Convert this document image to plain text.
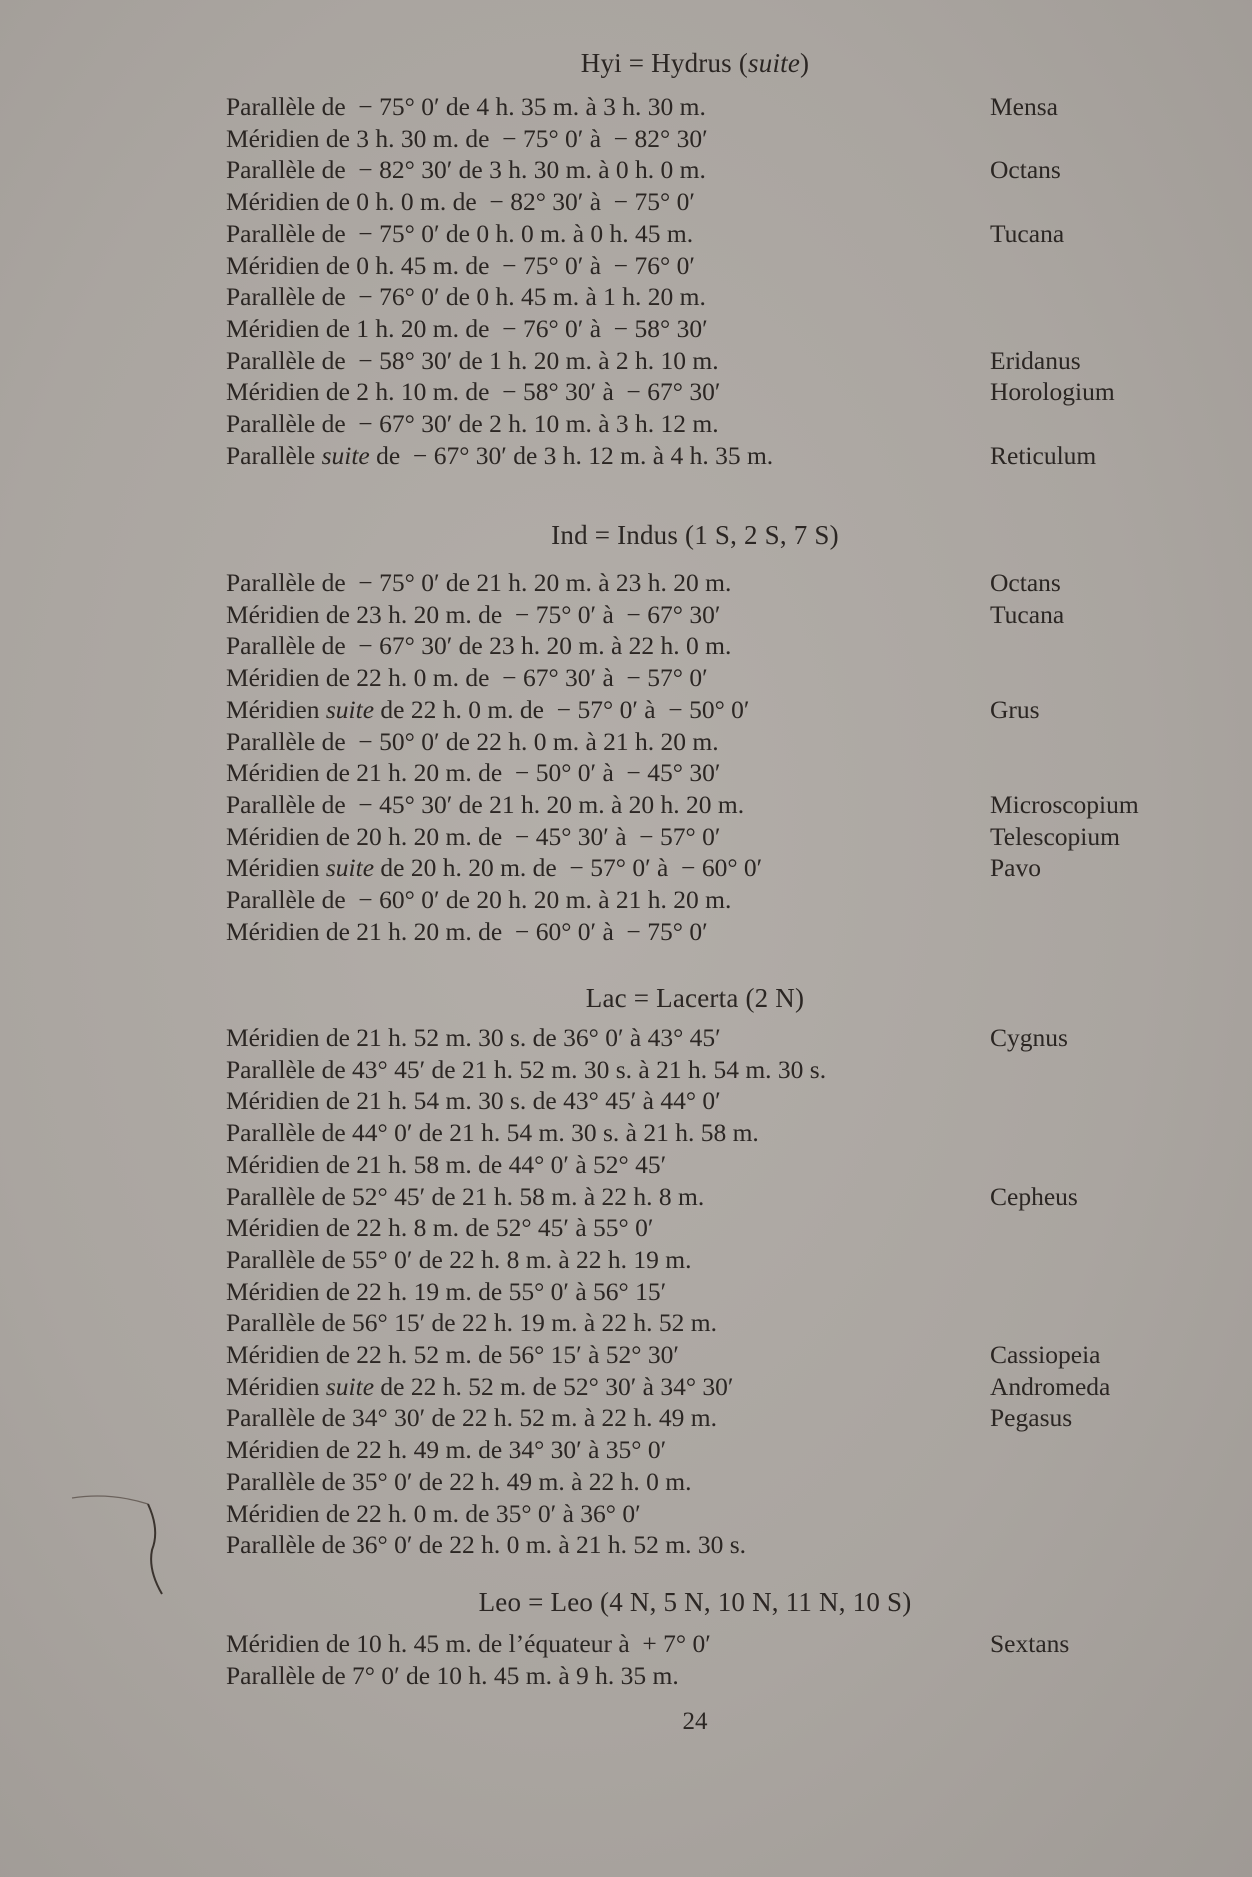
Hyi = Hydrus (suite)
Parallèle de  − 75° 0′ de 4 h. 35 m. à 3 h. 30 m.	Mensa
Méridien de 3 h. 30 m. de  − 75° 0′ à  − 82° 30′
Parallèle de  − 82° 30′ de 3 h. 30 m. à 0 h. 0 m.	Octans
Méridien de 0 h. 0 m. de  − 82° 30′ à  − 75° 0′
Parallèle de  − 75° 0′ de 0 h. 0 m. à 0 h. 45 m.	Tucana
Méridien de 0 h. 45 m. de  − 75° 0′ à  − 76° 0′
Parallèle de  − 76° 0′ de 0 h. 45 m. à 1 h. 20 m.
Méridien de 1 h. 20 m. de  − 76° 0′ à  − 58° 30′
Parallèle de  − 58° 30′ de 1 h. 20 m. à 2 h. 10 m.	Eridanus
Méridien de 2 h. 10 m. de  − 58° 30′ à  − 67° 30′	Horologium
Parallèle de  − 67° 30′ de 2 h. 10 m. à 3 h. 12 m.
Parallèle suite de  − 67° 30′ de 3 h. 12 m. à 4 h. 35 m.	Reticulum
Ind = Indus (1 S, 2 S, 7 S)
Parallèle de  − 75° 0′ de 21 h. 20 m. à 23 h. 20 m.	Octans
Méridien de 23 h. 20 m. de  − 75° 0′ à  − 67° 30′	Tucana
Parallèle de  − 67° 30′ de 23 h. 20 m. à 22 h. 0 m.
Méridien de 22 h. 0 m. de  − 67° 30′ à  − 57° 0′
Méridien suite de 22 h. 0 m. de  − 57° 0′ à  − 50° 0′	Grus
Parallèle de  − 50° 0′ de 22 h. 0 m. à 21 h. 20 m.
Méridien de 21 h. 20 m. de  − 50° 0′ à  − 45° 30′
Parallèle de  − 45° 30′ de 21 h. 20 m. à 20 h. 20 m.	Microscopium
Méridien de 20 h. 20 m. de  − 45° 30′ à  − 57° 0′	Telescopium
Méridien suite de 20 h. 20 m. de  − 57° 0′ à  − 60° 0′	Pavo
Parallèle de  − 60° 0′ de 20 h. 20 m. à 21 h. 20 m.
Méridien de 21 h. 20 m. de  − 60° 0′ à  − 75° 0′
Lac = Lacerta (2 N)
Méridien de 21 h. 52 m. 30 s. de 36° 0′ à 43° 45′	Cygnus
Parallèle de 43° 45′ de 21 h. 52 m. 30 s. à 21 h. 54 m. 30 s.
Méridien de 21 h. 54 m. 30 s. de 43° 45′ à 44° 0′
Parallèle de 44° 0′ de 21 h. 54 m. 30 s. à 21 h. 58 m.
Méridien de 21 h. 58 m. de 44° 0′ à 52° 45′
Parallèle de 52° 45′ de 21 h. 58 m. à 22 h. 8 m.	Cepheus
Méridien de 22 h. 8 m. de 52° 45′ à 55° 0′
Parallèle de 55° 0′ de 22 h. 8 m. à 22 h. 19 m.
Méridien de 22 h. 19 m. de 55° 0′ à 56° 15′
Parallèle de 56° 15′ de 22 h. 19 m. à 22 h. 52 m.
Méridien de 22 h. 52 m. de 56° 15′ à 52° 30′	Cassiopeia
Méridien suite de 22 h. 52 m. de 52° 30′ à 34° 30′	Andromeda
Parallèle de 34° 30′ de 22 h. 52 m. à 22 h. 49 m.	Pegasus
Méridien de 22 h. 49 m. de 34° 30′ à 35° 0′
Parallèle de 35° 0′ de 22 h. 49 m. à 22 h. 0 m.
Méridien de 22 h. 0 m. de 35° 0′ à 36° 0′
Parallèle de 36° 0′ de 22 h. 0 m. à 21 h. 52 m. 30 s.
Leo = Leo (4 N, 5 N, 10 N, 11 N, 10 S)
Méridien de 10 h. 45 m. de l’équateur à  + 7° 0′	Sextans
Parallèle de 7° 0′ de 10 h. 45 m. à 9 h. 35 m.
24
